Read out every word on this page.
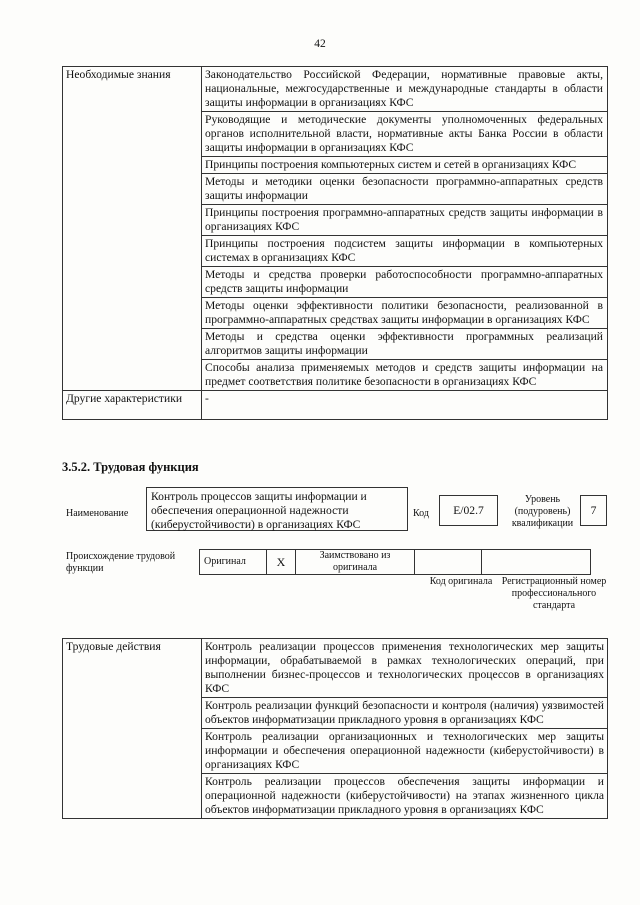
42
Необходимые знания	Законодательство Российской Федерации, нормативные правовые акты, национальные, межгосударственные и международные стандарты в области защиты информации в организациях КФС
	Руководящие и методические документы уполномоченных федеральных органов исполнительной власти, нормативные акты Банка России в области защиты информации в организациях КФС
	Принципы построения компьютерных систем и сетей в организациях КФС
	Методы и методики оценки безопасности программно-аппаратных средств защиты информации
	Принципы построения программно-аппаратных средств защиты информации в организациях КФС
	Принципы построения подсистем защиты информации в компьютерных системах в организациях КФС
	Методы и средства проверки работоспособности программно-аппаратных средств защиты информации
	Методы оценки эффективности политики безопасности, реализованной в программно-аппаратных средствах защиты информации в организациях КФС
	Методы и средства оценки эффективности программных реализаций алгоритмов защиты информации
	Способы анализа применяемых методов и средств защиты информации на предмет соответствия политике безопасности в организациях КФС
Другие характеристики	-
3.5.2. Трудовая функция
Наименование
Контроль процессов защиты информации и обеспечения операционной надежности (киберустойчивости) в организациях КФС
Код	E/02.7
Уровень (подуровень) квалификации
7
Происхождение трудовой функции
Оригинал	X	Заимствовано из оригинала		
Код оригинала Регистрационный номер профессионального стандарта
Трудовые действия	Контроль реализации процессов применения технологических мер защиты информации, обрабатываемой в рамках технологических операций, при выполнении бизнес-процессов и технологических процессов в организациях КФС
Контроль реализации функций безопасности и контроля (наличия) уязвимостей объектов информатизации прикладного уровня в организациях КФС
Контроль реализации организационных и технологических мер защиты информации и обеспечения операционной надежности (киберустойчивости) в организациях КФС
Контроль реализации процессов обеспечения защиты информации и операционной надежности (киберустойчивости) на этапах жизненного цикла объектов информатизации прикладного уровня в организациях КФС
